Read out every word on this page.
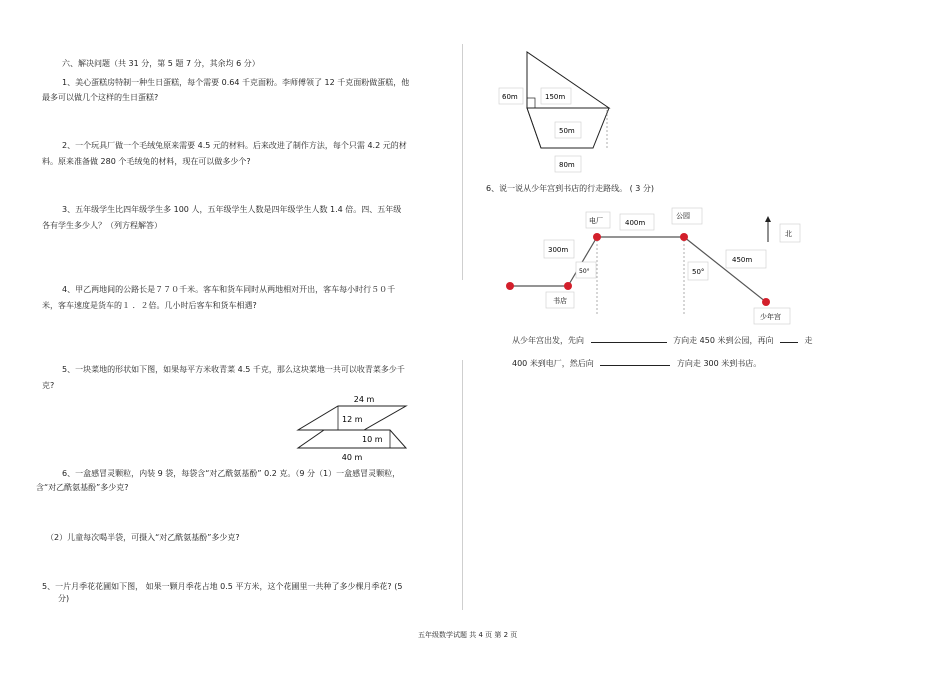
六、解决问题（共 31 分，第 5 题 7 分，其余均 6 分）
1、美心蛋糕房特制一种生日蛋糕，每个需要 0.64 千克面粉。李师傅领了 12 千克面粉做蛋糕，他
最多可以做几个这样的生日蛋糕?
2、一个玩具厂做一个毛绒兔原来需要 4.5 元的材料。后来改进了制作方法，每个只需 4.2 元的材
料。原来准备做 280 个毛绒兔的材料，现在可以做多少个?
3、五年级学生比四年级学生多 100 人，五年级学生人数是四年级学生人数 1.4 倍。四、五年级
各有学生多少人？（列方程解答）
4、甲乙两地间的公路长是７７０千米。客车和货车同时从两地相对开出，客车每小时行５０千
米，客车速度是货车的１ ．２倍。几小时后客车和货车相遇?
5、一块菜地的形状如下图，如果每平方米收青菜 4.5 千克，那么这块菜地一共可以收青菜多少千
克?
24 m
12 m
10 m
40 m
6、一盒感冒灵颗粒，内装 9 袋，每袋含“对乙酰氨基酚” 0.2 克。（9 分（1）一盒感冒灵颗粒，
含“对乙酰氨基酚”多少克?
（2）儿童每次喝半袋，可摄入“对乙酰氨基酚”多少克?
5、一片月季花花圃如下图， 如果一颗月季花占地 0.5 平方米，这个花圃里一共种了多少棵月季花? (5
分)
60m	150m
50m
80m
6、说一说从少年宫到书店的行走路线。 ( 3 分)
电厂	400m
公园
300m
50°	50°
450m
书店
少年宫
北
从少年宫出发，先向	方向走 450 米到公园，再向	走
400 米到电厂，然后向	方向走 300 米到书店。
五年级数学试题 共 4 页 第 2 页
